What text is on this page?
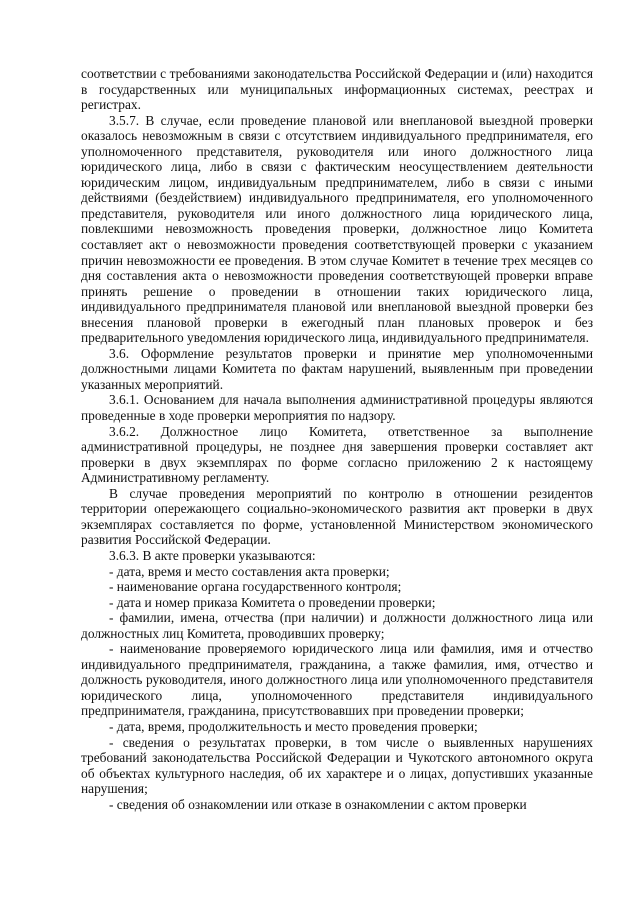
соответствии с требованиями законодательства Российской Федерации и (или) находится в государственных или муниципальных информационных системах, реестрах и регистрах.

3.5.7. В случае, если проведение плановой или внеплановой выездной проверки оказалось невозможным в связи с отсутствием индивидуального предпринимателя, его уполномоченного представителя, руководителя или иного должностного лица юридического лица, либо в связи с фактическим неосуществлением деятельности юридическим лицом, индивидуальным предпринимателем, либо в связи с иными действиями (бездействием) индивидуального предпринимателя, его уполномоченного представителя, руководителя или иного должностного лица юридического лица, повлекшими невозможность проведения проверки, должностное лицо Комитета составляет акт о невозможности проведения соответствующей проверки с указанием причин невозможности ее проведения. В этом случае Комитет в течение трех месяцев со дня составления акта о невозможности проведения соответствующей проверки вправе принять решение о проведении в отношении таких юридического лица, индивидуального предпринимателя плановой или внеплановой выездной проверки без внесения плановой проверки в ежегодный план плановых проверок и без предварительного уведомления юридического лица, индивидуального предпринимателя.

3.6. Оформление результатов проверки и принятие мер уполномоченными должностными лицами Комитета по фактам нарушений, выявленным при проведении указанных мероприятий.

3.6.1. Основанием для начала выполнения административной процедуры являются проведенные в ходе проверки мероприятия по надзору.

3.6.2. Должностное лицо Комитета, ответственное за выполнение административной процедуры, не позднее дня завершения проверки составляет акт проверки в двух экземплярах по форме согласно приложению 2 к настоящему Административному регламенту.

В случае проведения мероприятий по контролю в отношении резидентов территории опережающего социально-экономического развития акт проверки в двух экземплярах составляется по форме, установленной Министерством экономического развития Российской Федерации.

3.6.3. В акте проверки указываются:

- дата, время и место составления акта проверки;

- наименование органа государственного контроля;

- дата и номер приказа Комитета о проведении проверки;

- фамилии, имена, отчества (при наличии) и должности должностного лица или должностных лиц Комитета, проводивших проверку;

- наименование проверяемого юридического лица или фамилия, имя и отчество индивидуального предпринимателя, гражданина, а также фамилия, имя, отчество и должность руководителя, иного должностного лица или уполномоченного представителя юридического лица, уполномоченного представителя индивидуального предпринимателя, гражданина, присутствовавших при проведении проверки;

- дата, время, продолжительность и место проведения проверки;

- сведения о результатах проверки, в том числе о выявленных нарушениях требований законодательства Российской Федерации и Чукотского автономного округа об объектах культурного наследия, об их характере и о лицах, допустивших указанные нарушения;

- сведения об ознакомлении или отказе в ознакомлении с актом проверки
